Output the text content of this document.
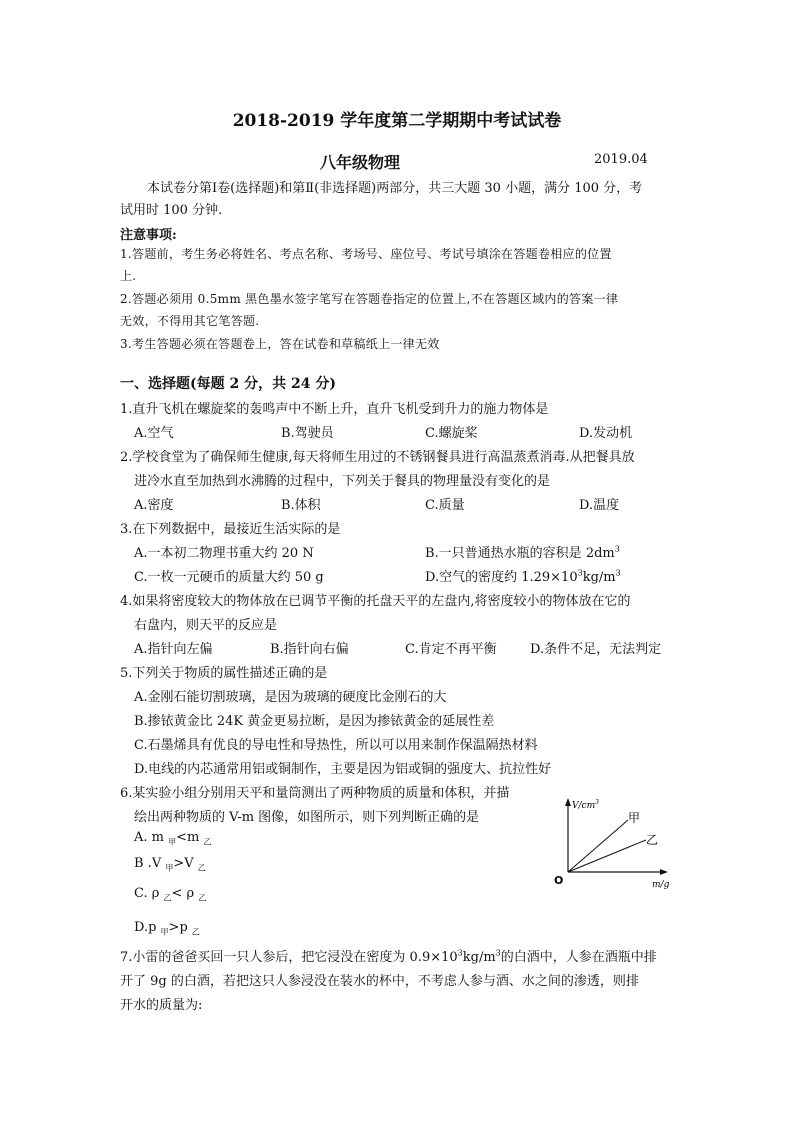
2018-2019 学年度第二学期期中考试试卷
八年级物理	2019.04
本试卷分第Ⅰ卷(选择题)和第Ⅱ(非选择题)两部分，共三大题 30 小题，满分 100 分，考
试用时 100 分钟.
注意事项:
1.答题前，考生务必将姓名、考点名称、考场号、座位号、考试号填涂在答题卷相应的位置
上.
2.答题必须用 0.5mm 黑色墨水签字笔写在答题卷指定的位置上,不在答题区域内的答案一律
无效，不得用其它笔答题.
3.考生答题必须在答题卷上，答在试卷和草稿纸上一律无效
一、选择题(每题 2 分，共 24 分)
1.直升飞机在螺旋桨的轰鸣声中不断上升，直升飞机受到升力的施力物体是
A.空气	B.驾驶员	C.螺旋桨	D.发动机
2.学校食堂为了确保师生健康,每天将师生用过的不锈钢餐具进行高温蒸煮消毒.从把餐具放
进冷水直至加热到水沸腾的过程中，下列关于餐具的物理量没有变化的是
A.密度	B.体积	C.质量	D.温度
3.在下列数据中，最接近生活实际的是
A.一本初二物理书重大约 20 N	B.一只普通热水瓶的容积是 $2dm^3$
C.一枚一元硬币的质量大约 50 g	D.空气的密度约 $1.29\times 10^3kg/m^3$
4.如果将密度较大的物体放在已调节平衡的托盘天平的左盘内,将密度较小的物体放在它的
右盘内，则天平的反应是
A.指针向左偏	B.指针向右偏	C.肯定不再平衡	D.条件不足，无法判定
5.下列关于物质的属性描述正确的是
A.金刚石能切割玻璃，是因为玻璃的硬度比金刚石的大
B.掺铱黄金比 24K 黄金更易拉断，是因为掺铱黄金的延展性差
C.石墨烯具有优良的导电性和导热性，所以可以用来制作保温隔热材料
D.电线的内芯通常用铝或铜制作，主要是因为铝或铜的强度大、抗拉性好
6.某实验小组分别用天平和量筒测出了两种物质的质量和体积，并描
绘出两种物质的 V-m 图像，如图所示，则下列判断正确的是
A. m $_甲$<m $_乙$
B .V $_甲$>V $_乙$
C. ρ $_乙$< ρ $_乙$
D.p $_甲$>p $_乙$
$V/cm^3$
m/g
O
甲
乙
7.小雷的爸爸买回一只人参后，把它浸没在密度为 $0.9\times 10^3kg/m^3$的白酒中，人参在酒瓶中排
开了 9g 的白酒，若把这只人参浸没在装水的杯中，不考虑人参与酒、水之间的渗透，则排
开水的质量为:
